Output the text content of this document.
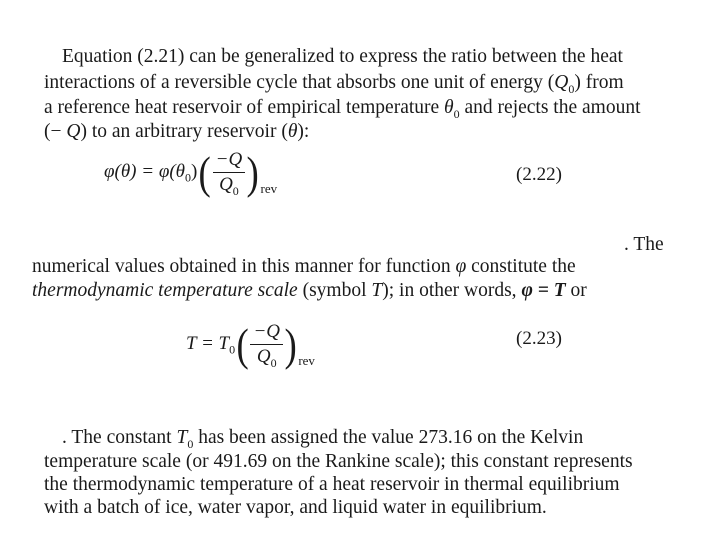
Equation (2.21) can be generalized to express the ratio between the heat
interactions of a reversible cycle that absorbs one unit of energy $(Q_0)$ from
a reference heat reservoir of empirical temperature $\theta_0$ and rejects the amount
(− Q) to an arbitrary reservoir (θ):
$\varphi(\theta) = \varphi(\theta_0)( \frac{-Q}{Q_0}$ ) $_{rev}$
(2.22)
. The
numerical values obtained in this manner for function φ constitute the
thermodynamic temperature scale (symbol T); in other words, φ = T or
$T = T_0( \frac{-Q}{Q_0}$ ) $_{rev}$
(2.23)
. The constant $T_0$ has been assigned the value 273.16 on the Kelvin
temperature scale (or 491.69 on the Rankine scale); this constant represents
the thermodynamic temperature of a heat reservoir in thermal equilibrium
with a batch of ice, water vapor, and liquid water in equilibrium.
